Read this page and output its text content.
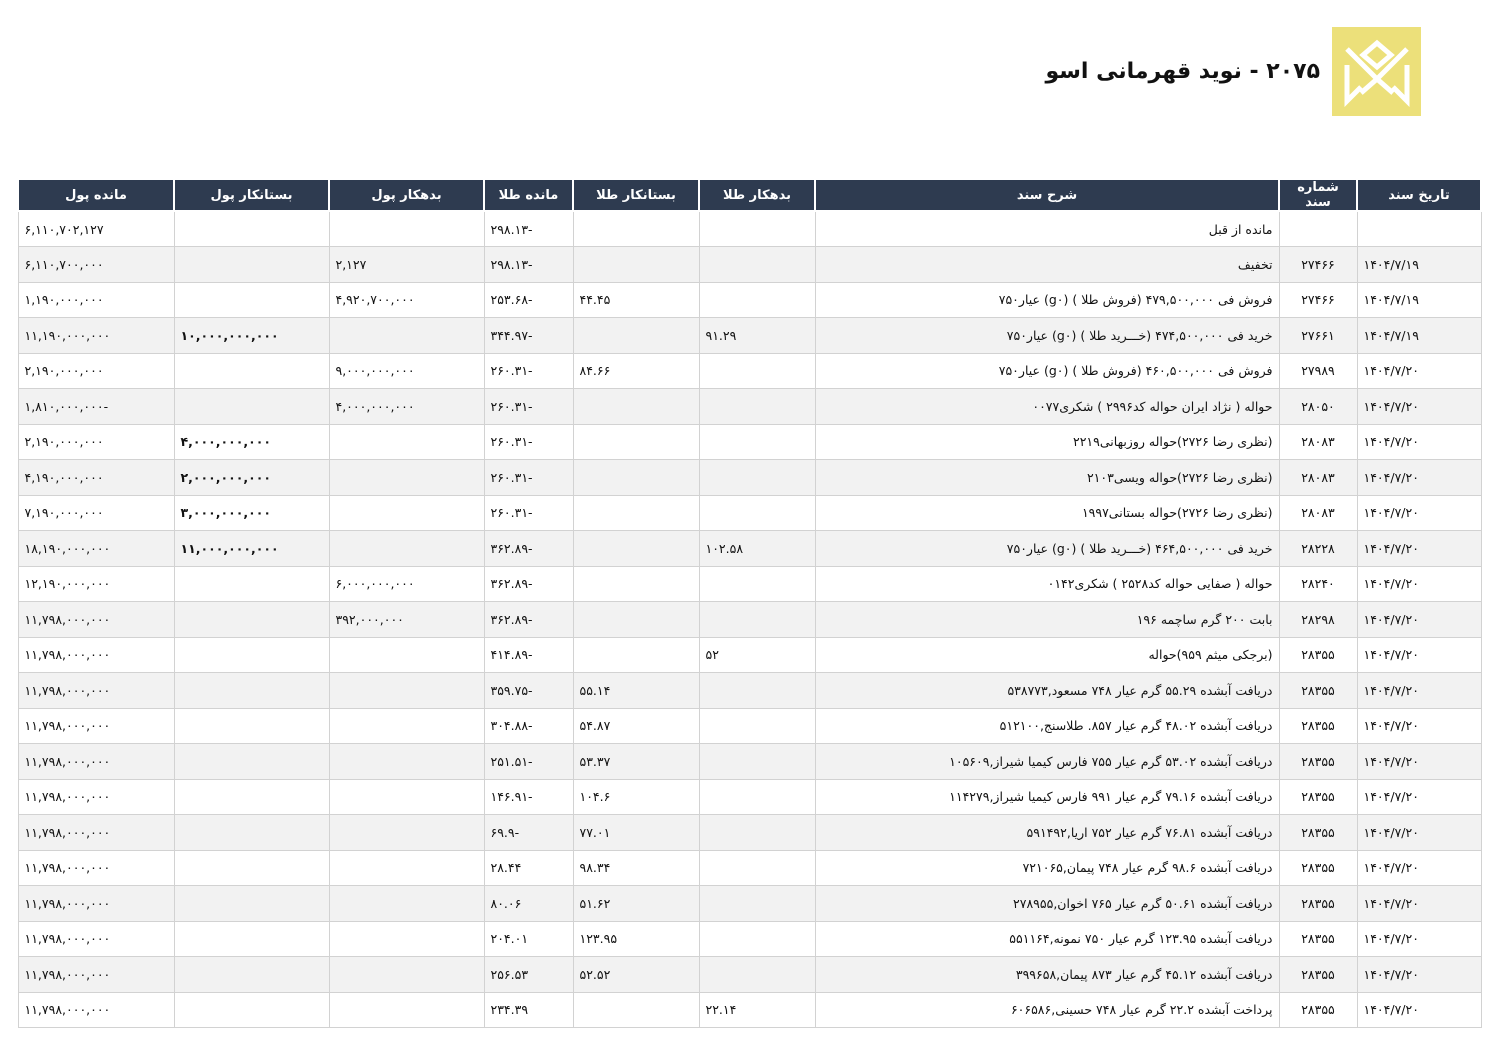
۲۰۷۵ - نوید قهرمانی اسو
تاریخ سند	شماره سند	شرح سند	بدهکار طلا	بستانکار طلا	مانده طلا	بدهکار پول	بستانکار پول	مانده پول
		مانده از قبل			-۲۹۸.۱۳			۶,۱۱۰,۷۰۲,۱۲۷
۱۴۰۴/۷/۱۹	۲۷۴۶۶	تخفیف			-۲۹۸.۱۳	۲,۱۲۷		۶,۱۱۰,۷۰۰,۰۰۰
۱۴۰۴/۷/۱۹	۲۷۴۶۶	فروش فی ۴۷۹,۵۰۰,۰۰۰ (فروش طلا ) (g۰) عیار۷۵۰		۴۴.۴۵	-۲۵۳.۶۸	۴,۹۲۰,۷۰۰,۰۰۰		۱,۱۹۰,۰۰۰,۰۰۰
۱۴۰۴/۷/۱۹	۲۷۶۶۱	خرید فی ۴۷۴,۵۰۰,۰۰۰ (خـــرید طلا ) (g۰) عیار۷۵۰	۹۱.۲۹		-۳۴۴.۹۷		۱۰,۰۰۰,۰۰۰,۰۰۰	۱۱,۱۹۰,۰۰۰,۰۰۰
۱۴۰۴/۷/۲۰	۲۷۹۸۹	فروش فی ۴۶۰,۵۰۰,۰۰۰ (فروش طلا ) (g۰) عیار۷۵۰		۸۴.۶۶	-۲۶۰.۳۱	۹,۰۰۰,۰۰۰,۰۰۰		۲,۱۹۰,۰۰۰,۰۰۰
۱۴۰۴/۷/۲۰	۲۸۰۵۰	حواله ( نژاد ایران حواله کد۲۹۹۶ ) شکری۰۰۷۷			-۲۶۰.۳۱	۴,۰۰۰,۰۰۰,۰۰۰		-۱,۸۱۰,۰۰۰,۰۰۰
۱۴۰۴/۷/۲۰	۲۸۰۸۳	(نظری رضا ۲۷۲۶)حواله روزبهانی۲۲۱۹			-۲۶۰.۳۱		۴,۰۰۰,۰۰۰,۰۰۰	۲,۱۹۰,۰۰۰,۰۰۰
۱۴۰۴/۷/۲۰	۲۸۰۸۳	(نظری رضا ۲۷۲۶)حواله ویسی۲۱۰۳			-۲۶۰.۳۱		۲,۰۰۰,۰۰۰,۰۰۰	۴,۱۹۰,۰۰۰,۰۰۰
۱۴۰۴/۷/۲۰	۲۸۰۸۳	(نظری رضا ۲۷۲۶)حواله بستانی۱۹۹۷			-۲۶۰.۳۱		۳,۰۰۰,۰۰۰,۰۰۰	۷,۱۹۰,۰۰۰,۰۰۰
۱۴۰۴/۷/۲۰	۲۸۲۲۸	خرید فی ۴۶۴,۵۰۰,۰۰۰ (خـــرید طلا ) (g۰) عیار۷۵۰	۱۰۲.۵۸		-۳۶۲.۸۹		۱۱,۰۰۰,۰۰۰,۰۰۰	۱۸,۱۹۰,۰۰۰,۰۰۰
۱۴۰۴/۷/۲۰	۲۸۲۴۰	حواله ( صفایی حواله کد۲۵۲۸ ) شکری۰۱۴۲			-۳۶۲.۸۹	۶,۰۰۰,۰۰۰,۰۰۰		۱۲,۱۹۰,۰۰۰,۰۰۰
۱۴۰۴/۷/۲۰	۲۸۲۹۸	بابت ۲۰۰ گرم ساچمه ۱۹۶			-۳۶۲.۸۹	۳۹۲,۰۰۰,۰۰۰		۱۱,۷۹۸,۰۰۰,۰۰۰
۱۴۰۴/۷/۲۰	۲۸۳۵۵	(برجکی میثم ۹۵۹)حواله	۵۲		-۴۱۴.۸۹			۱۱,۷۹۸,۰۰۰,۰۰۰
۱۴۰۴/۷/۲۰	۲۸۳۵۵	دریافت آبشده ۵۵.۲۹ گرم عیار ۷۴۸ مسعود,۵۳۸۷۷۳		۵۵.۱۴	-۳۵۹.۷۵			۱۱,۷۹۸,۰۰۰,۰۰۰
۱۴۰۴/۷/۲۰	۲۸۳۵۵	دریافت آبشده ۴۸.۰۲ گرم عیار ۸۵۷. طلاسنج,۵۱۲۱۰۰		۵۴.۸۷	-۳۰۴.۸۸			۱۱,۷۹۸,۰۰۰,۰۰۰
۱۴۰۴/۷/۲۰	۲۸۳۵۵	دریافت آبشده ۵۳.۰۲ گرم عیار ۷۵۵ فارس کیمیا شیراز,۱۰۵۶۰۹		۵۳.۳۷	-۲۵۱.۵۱			۱۱,۷۹۸,۰۰۰,۰۰۰
۱۴۰۴/۷/۲۰	۲۸۳۵۵	دریافت آبشده ۷۹.۱۶ گرم عیار ۹۹۱ فارس کیمیا شیراز,۱۱۴۲۷۹		۱۰۴.۶	-۱۴۶.۹۱			۱۱,۷۹۸,۰۰۰,۰۰۰
۱۴۰۴/۷/۲۰	۲۸۳۵۵	دریافت آبشده ۷۶.۸۱ گرم عیار ۷۵۲ اریا,۵۹۱۴۹۲		۷۷.۰۱	-۶۹.۹			۱۱,۷۹۸,۰۰۰,۰۰۰
۱۴۰۴/۷/۲۰	۲۸۳۵۵	دریافت آبشده ۹۸.۶ گرم عیار ۷۴۸ پیمان,۷۲۱۰۶۵		۹۸.۳۴	۲۸.۴۴			۱۱,۷۹۸,۰۰۰,۰۰۰
۱۴۰۴/۷/۲۰	۲۸۳۵۵	دریافت آبشده ۵۰.۶۱ گرم عیار ۷۶۵ اخوان,۲۷۸۹۵۵		۵۱.۶۲	۸۰.۰۶			۱۱,۷۹۸,۰۰۰,۰۰۰
۱۴۰۴/۷/۲۰	۲۸۳۵۵	دریافت آبشده ۱۲۳.۹۵ گرم عیار ۷۵۰ نمونه,۵۵۱۱۶۴		۱۲۳.۹۵	۲۰۴.۰۱			۱۱,۷۹۸,۰۰۰,۰۰۰
۱۴۰۴/۷/۲۰	۲۸۳۵۵	دریافت آبشده ۴۵.۱۲ گرم عیار ۸۷۳ پیمان,۳۹۹۶۵۸		۵۲.۵۲	۲۵۶.۵۳			۱۱,۷۹۸,۰۰۰,۰۰۰
۱۴۰۴/۷/۲۰	۲۸۳۵۵	پرداخت آبشده ۲۲.۲ گرم عیار ۷۴۸ حسینی,۶۰۶۵۸۶	۲۲.۱۴		۲۳۴.۳۹			۱۱,۷۹۸,۰۰۰,۰۰۰
